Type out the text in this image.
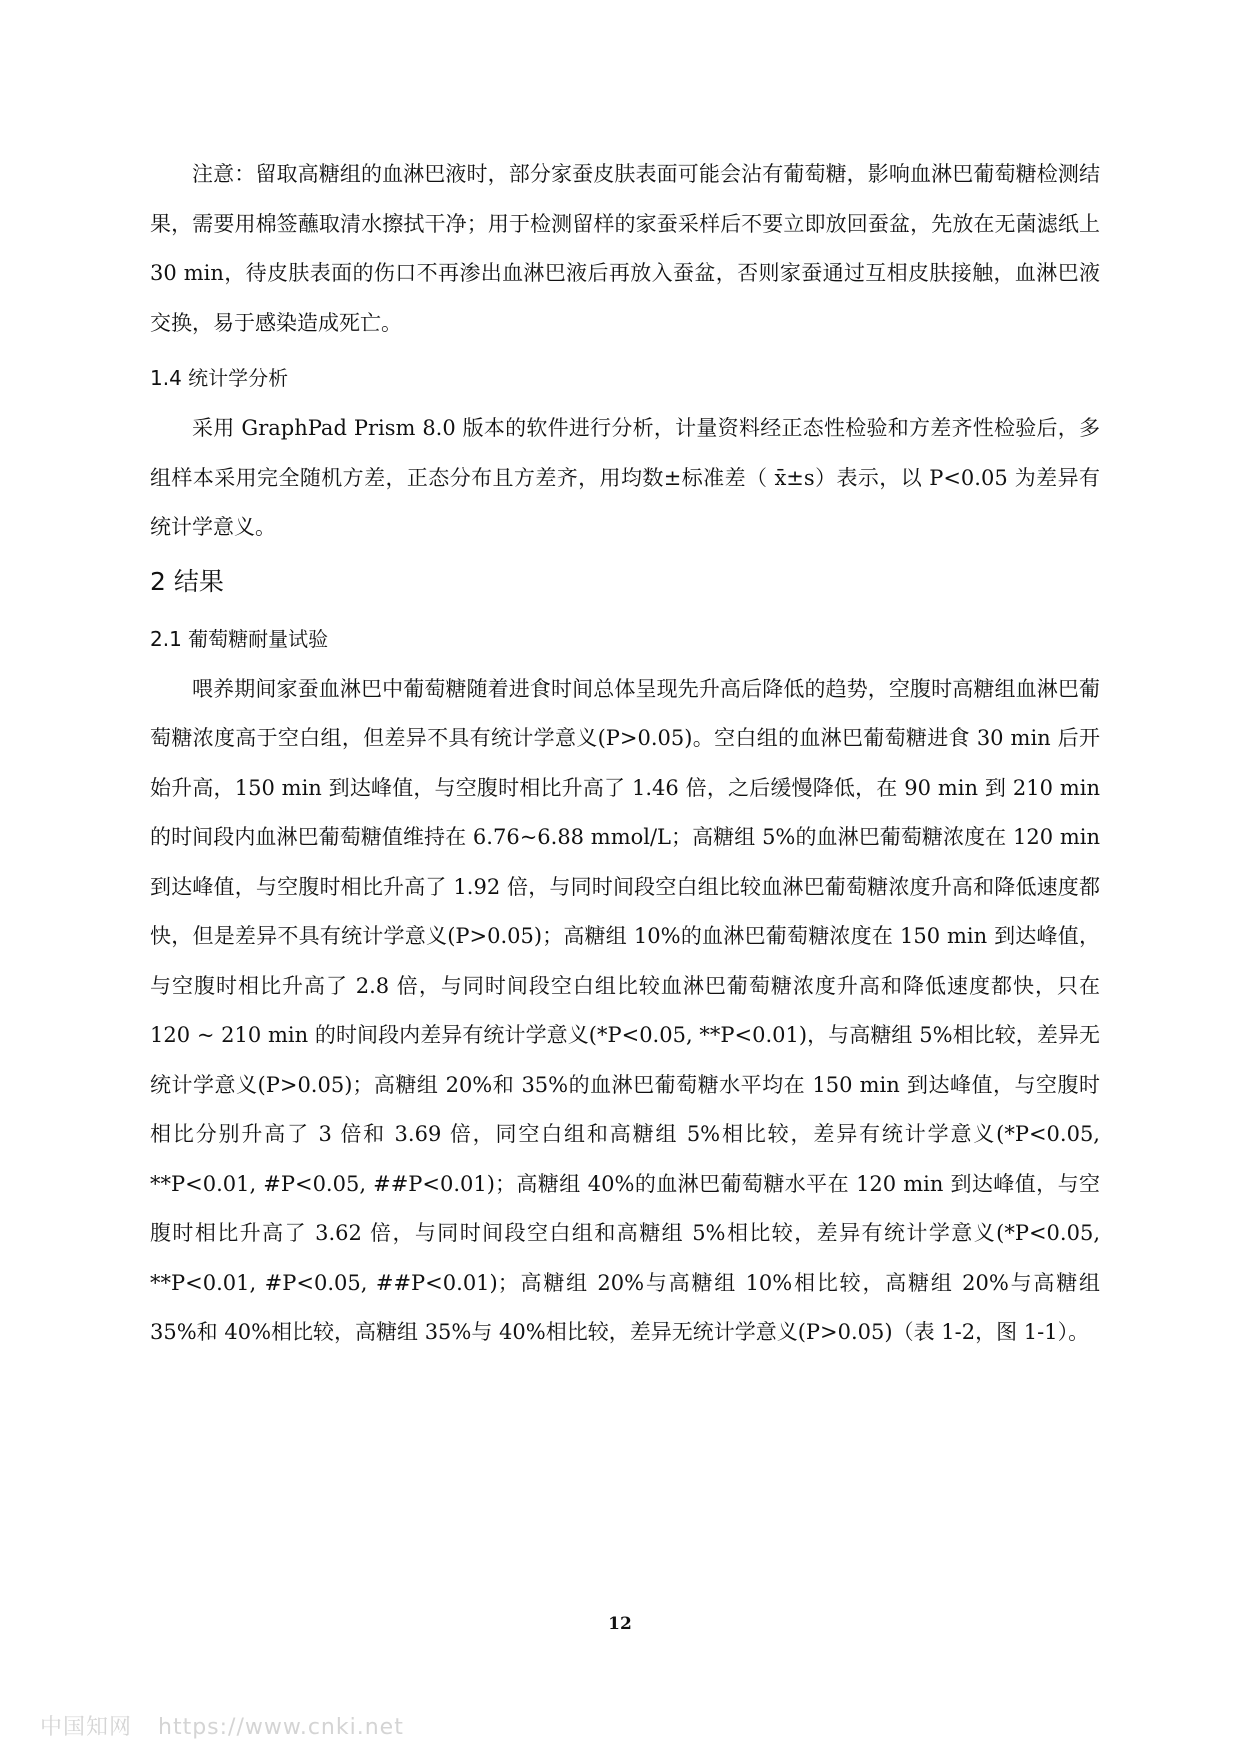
注意：留取高糖组的血淋巴液时，部分家蚕皮肤表面可能会沾有葡萄糖，影响血淋巴葡萄糖检测结果，需要用棉签蘸取清水擦拭干净；用于检测留样的家蚕采样后不要立即放回蚕盆，先放在无菌滤纸上 30 min，待皮肤表面的伤口不再渗出血淋巴液后再放入蚕盆，否则家蚕通过互相皮肤接触，血淋巴液交换，易于感染造成死亡。

1.4 统计学分析

采用 GraphPad Prism 8.0 版本的软件进行分析，计量资料经正态性检验和方差齐性检验后，多组样本采用完全随机方差，正态分布且方差齐，用均数±标准差（ x̄±s）表示，以 P<0.05 为差异有统计学意义。

2 结果
2.1 葡萄糖耐量试验

喂养期间家蚕血淋巴中葡萄糖随着进食时间总体呈现先升高后降低的趋势，空腹时高糖组血淋巴葡萄糖浓度高于空白组，但差异不具有统计学意义(P>0.05)。空白组的血淋巴葡萄糖进食 30 min 后开始升高，150 min 到达峰值，与空腹时相比升高了 1.46 倍，之后缓慢降低，在 90 min 到 210 min 的时间段内血淋巴葡萄糖值维持在 6.76~6.88 mmol/L；高糖组 5%的血淋巴葡萄糖浓度在 120 min 到达峰值，与空腹时相比升高了 1.92 倍，与同时间段空白组比较血淋巴葡萄糖浓度升高和降低速度都快，但是差异不具有统计学意义(P>0.05)；高糖组 10%的血淋巴葡萄糖浓度在 150 min 到达峰值，与空腹时相比升高了 2.8 倍，与同时间段空白组比较血淋巴葡萄糖浓度升高和降低速度都快，只在 120 ~ 210 min 的时间段内差异有统计学意义(*P<0.05, **P<0.01)，与高糖组 5%相比较，差异无统计学意义(P>0.05)；高糖组 20%和 35%的血淋巴葡萄糖水平均在 150 min 到达峰值，与空腹时相比分别升高了 3 倍和 3.69 倍，同空白组和高糖组 5%相比较，差异有统计学意义(*P<0.05, **P<0.01, #P<0.05, ##P<0.01)；高糖组 40%的血淋巴葡萄糖水平在 120 min 到达峰值，与空腹时相比升高了 3.62 倍，与同时间段空白组和高糖组 5%相比较，差异有统计学意义(*P<0.05, **P<0.01, #P<0.05, ##P<0.01)；高糖组 20%与高糖组 10%相比较，高糖组 20%与高糖组 35%和 40%相比较，高糖组 35%与 40%相比较，差异无统计学意义(P>0.05)（表 1-2，图 1-1）。

12
中国知网 https://www.cnki.net
